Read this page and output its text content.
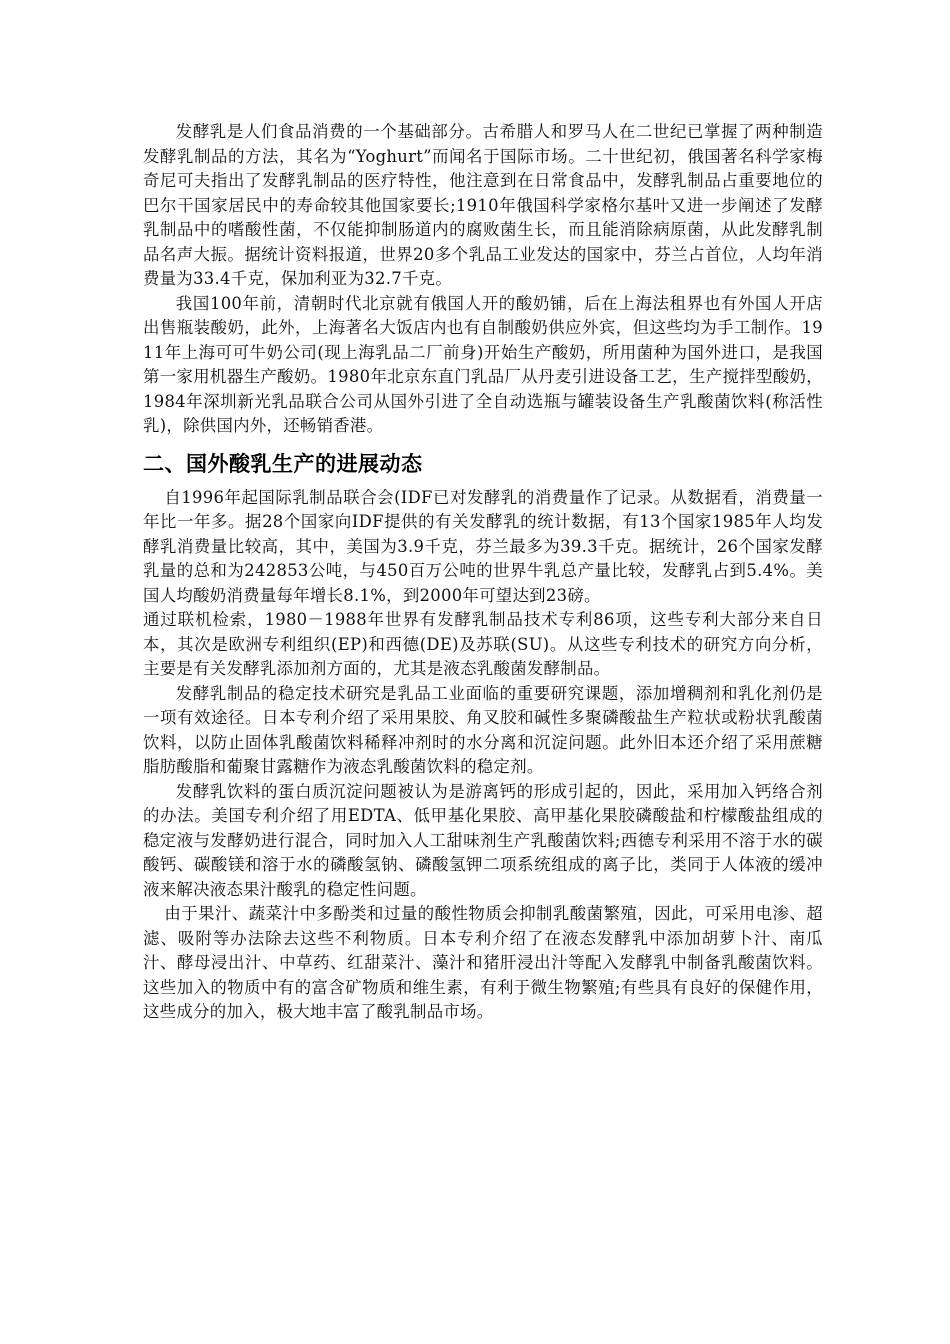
发酵乳是人们食品消费的一个基础部分。古希腊人和罗马人在二世纪已掌握了两种制造发酵乳制品的方法，其名为“Yoghurt”而闻名于国际市场。二十世纪初，俄国著名科学家梅奇尼可夫指出了发酵乳制品的医疗特性，他注意到在日常食品中，发酵乳制品占重要地位的巴尔干国家居民中的寿命较其他国家要长;1910年俄国科学家格尔基叶又进一步阐述了发酵乳制品中的嗜酸性菌，不仅能抑制肠道内的腐败菌生长，而且能消除病原菌，从此发酵乳制品名声大振。据统计资料报道，世界20多个乳品工业发达的国家中，芬兰占首位，人均年消费量为33.4千克，保加利亚为32.7千克。

我国100年前，清朝时代北京就有俄国人开的酸奶铺，后在上海法租界也有外国人开店出售瓶装酸奶，此外，上海著名大饭店内也有自制酸奶供应外宾，但这些均为手工制作。1911年上海可可牛奶公司(现上海乳品二厂前身)开始生产酸奶，所用菌种为国外进口，是我国第一家用机器生产酸奶。1980年北京东直门乳品厂从丹麦引进设备工艺，生产搅拌型酸奶，1984年深圳新光乳品联合公司从国外引进了全自动选瓶与罐装设备生产乳酸菌饮料(称活性乳)，除供国内外，还畅销香港。

二、国外酸乳生产的进展动态

自1996年起国际乳制品联合会(IDF已对发酵乳的消费量作了记录。从数据看，消费量一年比一年多。据28个国家向IDF提供的有关发酵乳的统计数据，有13个国家1985年人均发酵乳消费量比较高，其中，美国为3.9千克，芬兰最多为39.3千克。据统计，26个国家发酵乳量的总和为242853公吨，与450百万公吨的世界牛乳总产量比较，发酵乳占到5.4%。美国人均酸奶消费量每年增长8.1%，到2000年可望达到23磅。

通过联机检索，1980－1988年世界有发酵乳制品技术专利86项，这些专利大部分来自日本，其次是欧洲专利组织(EP)和西德(DE)及苏联(SU)。从这些专利技术的研究方向分析，主要是有关发酵乳添加剂方面的，尤其是液态乳酸菌发酵制品。

发酵乳制品的稳定技术研究是乳品工业面临的重要研究课题，添加增稠剂和乳化剂仍是一项有效途径。日本专利介绍了采用果胶、角叉胶和碱性多聚磷酸盐生产粒状或粉状乳酸菌饮料，以防止固体乳酸菌饮料稀释冲剂时的水分离和沉淀问题。此外旧本还介绍了采用蔗糖脂肪酸脂和葡聚甘露糖作为液态乳酸菌饮料的稳定剂。

发酵乳饮料的蛋白质沉淀问题被认为是游离钙的形成引起的，因此，采用加入钙络合剂的办法。美国专利介绍了用EDTA、低甲基化果胶、高甲基化果胶磷酸盐和柠檬酸盐组成的稳定液与发酵奶进行混合，同时加入人工甜味剂生产乳酸菌饮料;西德专利采用不溶于水的碳酸钙、碳酸镁和溶于水的磷酸氢钠、磷酸氢钾二项系统组成的离子比，类同于人体液的缓冲液来解决液态果汁酸乳的稳定性问题。

由于果汁、蔬菜汁中多酚类和过量的酸性物质会抑制乳酸菌繁殖，因此，可采用电渗、超滤、吸附等办法除去这些不利物质。日本专利介绍了在液态发酵乳中添加胡萝卜汁、南瓜汁、酵母浸出汁、中草药、红甜菜汁、藻汁和猪肝浸出汁等配入发酵乳中制备乳酸菌饮料。这些加入的物质中有的富含矿物质和维生素，有利于微生物繁殖;有些具有良好的保健作用，这些成分的加入，极大地丰富了酸乳制品市场。
